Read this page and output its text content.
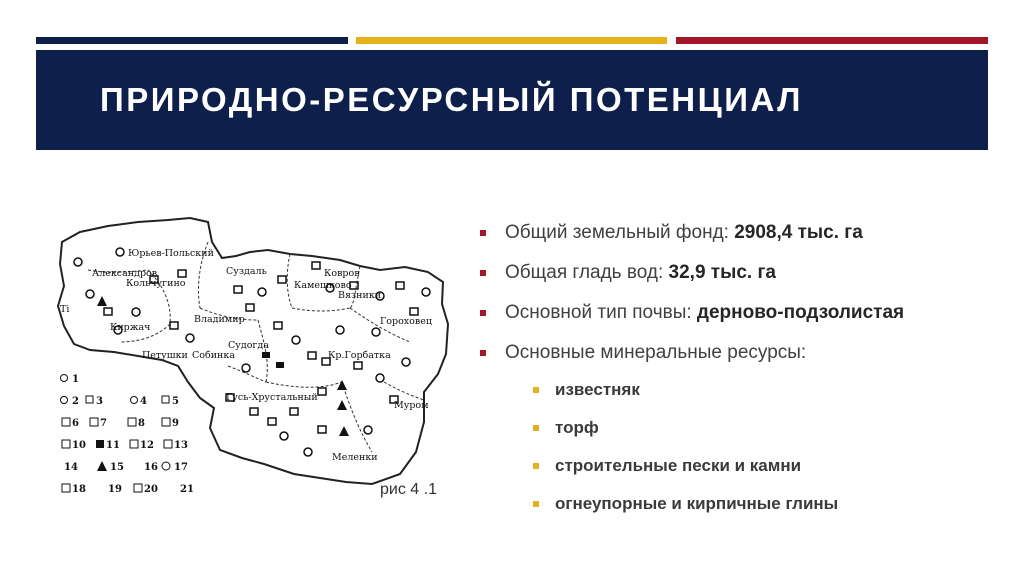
ПРИРОДНО-РЕСУРСНЫЙ ПОТЕНЦИАЛ
Юрьев-Польский
Александров
Кольчугино
Суздаль	Ковров
Камешково
Вязники
Ti
Киржач
Владимир	Гороховец
Петушки Собинка
Судогда
Кр.Горбатка
Гусь-Хрустальный
Муром
Меленки
1
2 3	4	5
6 7	8	9
10 11 12 13
14	15 16 17
18 19 20 21	рис 4 .1
Общий земельный фонд: 2908,4 тыс. га
Общая гладь вод: 32,9 тыс. га
Основной тип почвы: дерново-подзолистая
Основные минеральные ресурсы:
известняк
торф
строительные пески и камни
огнеупорные и кирпичные глины
